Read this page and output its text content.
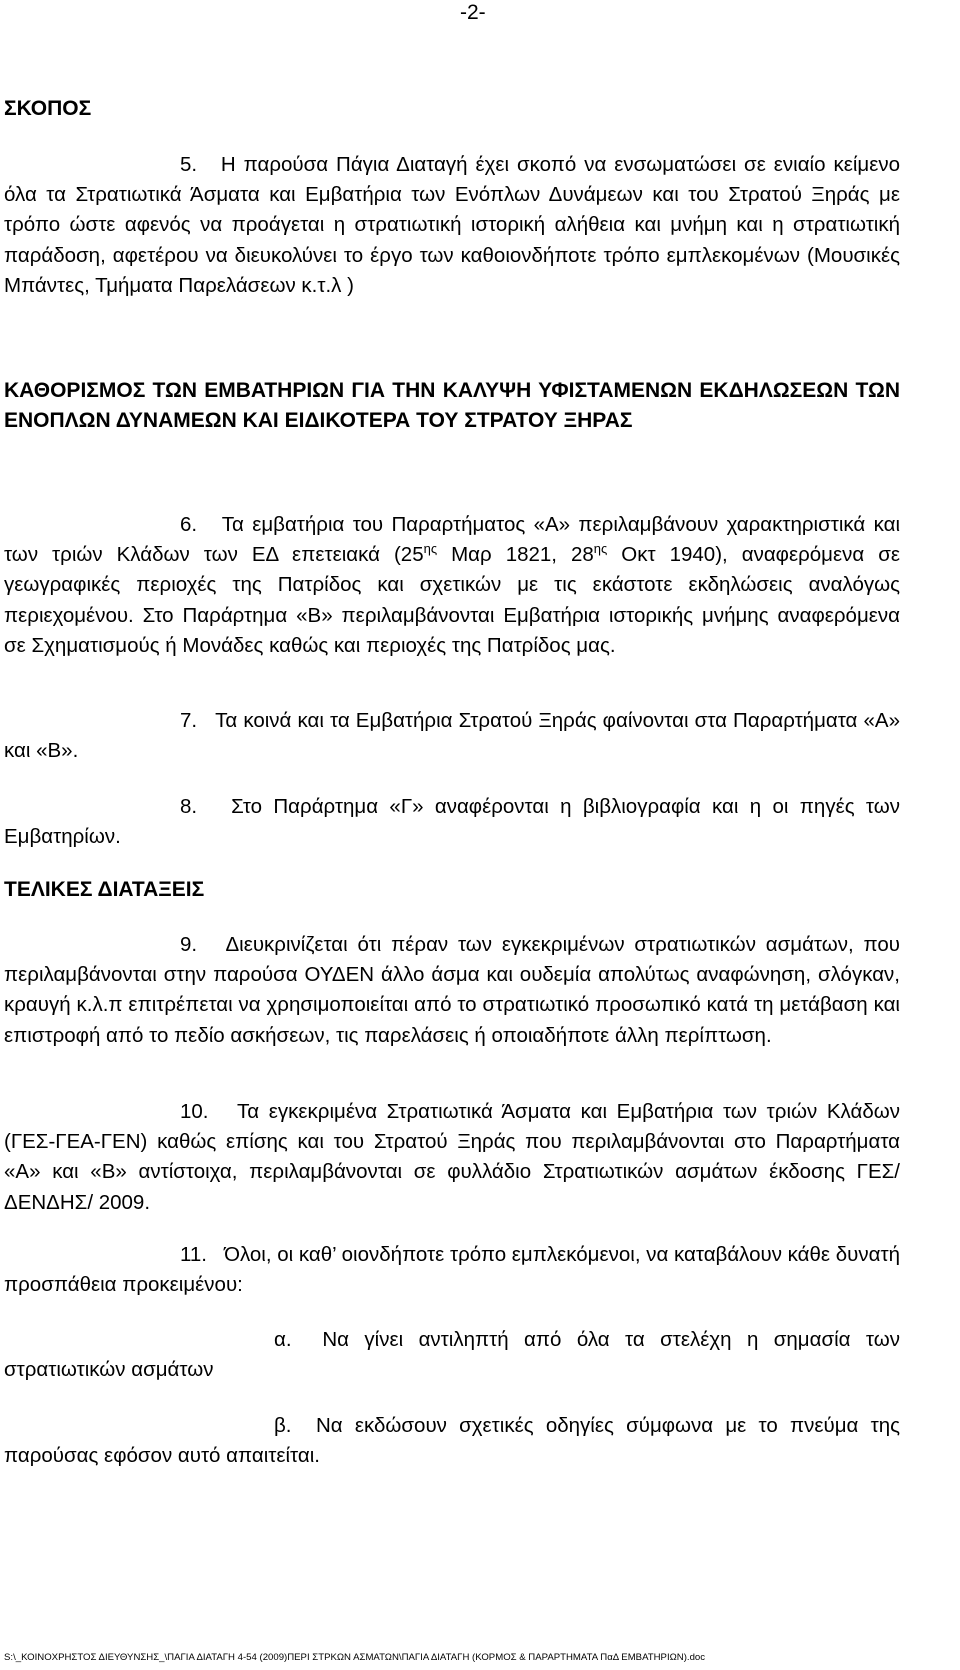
-2-
ΣΚΟΠΟΣ

5. Η παρούσα Πάγια Διαταγή έχει σκοπό να ενσωματώσει σε ενιαίο κείμενο όλα τα Στρατιωτικά Άσματα και Εμβατήρια των Ενόπλων Δυνάμεων και του Στρατού Ξηράς με τρόπο ώστε αφενός να προάγεται η στρατιωτική ιστορική αλήθεια και μνήμη και η στρατιωτική παράδοση, αφετέρου να διευκολύνει το έργο των καθοιονδήποτε τρόπο εμπλεκομένων (Μουσικές Μπάντες, Τμήματα Παρελάσεων κ.τ.λ )

ΚΑΘΟΡΙΣΜΟΣ ΤΩΝ ΕΜΒΑΤΗΡΙΩΝ ΓΙΑ ΤΗΝ ΚΑΛΥΨΗ ΥΦΙΣΤΑΜΕΝΩΝ ΕΚΔΗΛΩΣΕΩΝ ΤΩΝ ΕΝΟΠΛΩΝ ΔΥΝΑΜΕΩΝ ΚΑΙ ΕΙΔΙΚΟΤΕΡΑ ΤΟΥ ΣΤΡΑΤΟΥ ΞΗΡΑΣ

6. Τα εμβατήρια του Παραρτήματος «Α» περιλαμβάνουν χαρακτηριστικά και των τριών Κλάδων των ΕΔ επετειακά ($25^{\eta\varsigma}$ Μαρ 1821, $28^{\eta\varsigma}$ Οκτ 1940), αναφερόμενα σε γεωγραφικές περιοχές της Πατρίδος και σχετικών με τις εκάστοτε εκδηλώσεις αναλόγως περιεχομένου. Στο Παράρτημα «Β» περιλαμβάνονται Εμβατήρια ιστορικής μνήμης αναφερόμενα σε Σχηματισμούς ή Μονάδες καθώς και περιοχές της Πατρίδος μας.

7. Τα κοινά και τα Εμβατήρια Στρατού Ξηράς φαίνονται στα Παραρτήματα «Α» και «Β».

8. Στο Παράρτημα «Γ» αναφέρονται η βιβλιογραφία και η οι πηγές των Εμβατηρίων.

ΤΕΛΙΚΕΣ ΔΙΑΤΑΞΕΙΣ

9. Διευκρινίζεται ότι πέραν των εγκεκριμένων στρατιωτικών ασμάτων, που περιλαμβάνονται στην παρούσα ΟΥΔΕΝ άλλο άσμα και ουδεμία απολύτως αναφώνηση, σλόγκαν, κραυγή κ.λ.π επιτρέπεται να χρησιμοποιείται από το στρατιωτικό προσωπικό κατά τη μετάβαση και επιστροφή από το πεδίο ασκήσεων, τις παρελάσεις ή οποιαδήποτε άλλη περίπτωση.

10. Τα εγκεκριμένα Στρατιωτικά Άσματα και Εμβατήρια των τριών Κλάδων (ΓΕΣ-ΓΕΑ-ΓΕΝ) καθώς επίσης και του Στρατού Ξηράς που περιλαμβάνονται στο Παραρτήματα «Α» και «Β» αντίστοιχα, περιλαμβάνονται σε φυλλάδιο Στρατιωτικών ασμάτων έκδοσης ΓΕΣ/ΔΕΝΔΗΣ/ 2009.

11. Όλοι, οι καθ’ οιονδήποτε τρόπο εμπλεκόμενοι, να καταβάλουν κάθε δυνατή προσπάθεια προκειμένου:

α. Να γίνει αντιληπτή από όλα τα στελέχη η σημασία των στρατιωτικών ασμάτων

β. Να εκδώσουν σχετικές οδηγίες σύμφωνα με το πνεύμα της παρούσας εφόσον αυτό απαιτείται.

S:\_ΚΟΙΝΟΧΡΗΣΤΟΣ ΔΙΕΥΘΥΝΣΗΣ_\ΠΑΓΙΑ ΔΙΑΤΑΓΗ 4-54 (2009)ΠΕΡΙ ΣΤΡΚΩΝ ΑΣΜΑΤΩΝ\ΠΑΓΙΑ ΔΙΑΤΑΓΗ (ΚΟΡΜΟΣ & ΠΑΡΑΡΤΗΜΑΤΑ ΠαΔ ΕΜΒΑΤΗΡΙΩΝ).doc
